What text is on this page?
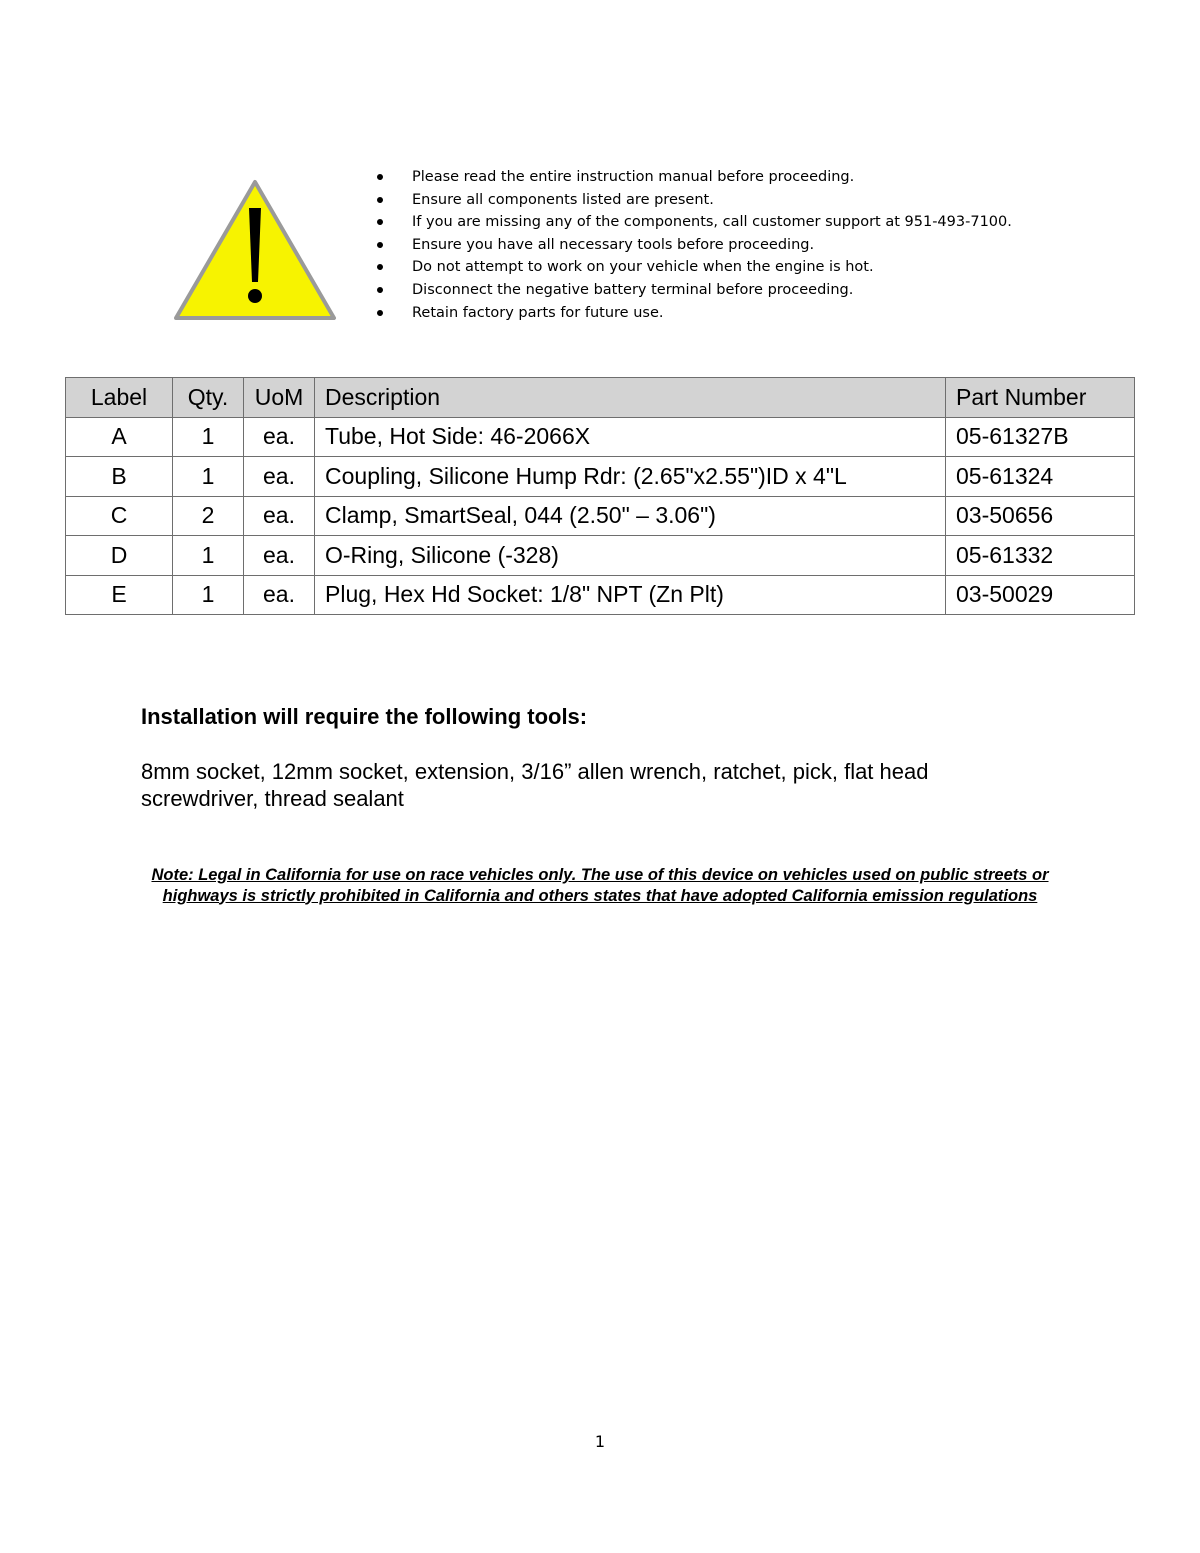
Please read the entire instruction manual before proceeding.
Ensure all components listed are present.
If you are missing any of the components, call customer support at 951-493-7100.
Ensure you have all necessary tools before proceeding.
Do not attempt to work on your vehicle when the engine is hot.
Disconnect the negative battery terminal before proceeding.
Retain factory parts for future use.
Label	Qty.	UoM	Description	Part Number
A	1	ea.	Tube, Hot Side: 46-2066X	05-61327B
B	1	ea.	Coupling, Silicone Hump Rdr: (2.65"x2.55")ID x 4"L	05-61324
C	2	ea.	Clamp, SmartSeal, 044 (2.50" – 3.06")	03-50656
D	1	ea.	O-Ring, Silicone (-328)	05-61332
E	1	ea.	Plug, Hex Hd Socket: 1/8" NPT (Zn Plt)	03-50029
Installation will require the following tools:

8mm socket, 12mm socket, extension, 3/16” allen wrench, ratchet, pick, flat head screwdriver, thread sealant

Note: Legal in California for use on race vehicles only. The use of this device on vehicles used on public streets or highways is strictly prohibited in California and others states that have adopted California emission regulations

1
